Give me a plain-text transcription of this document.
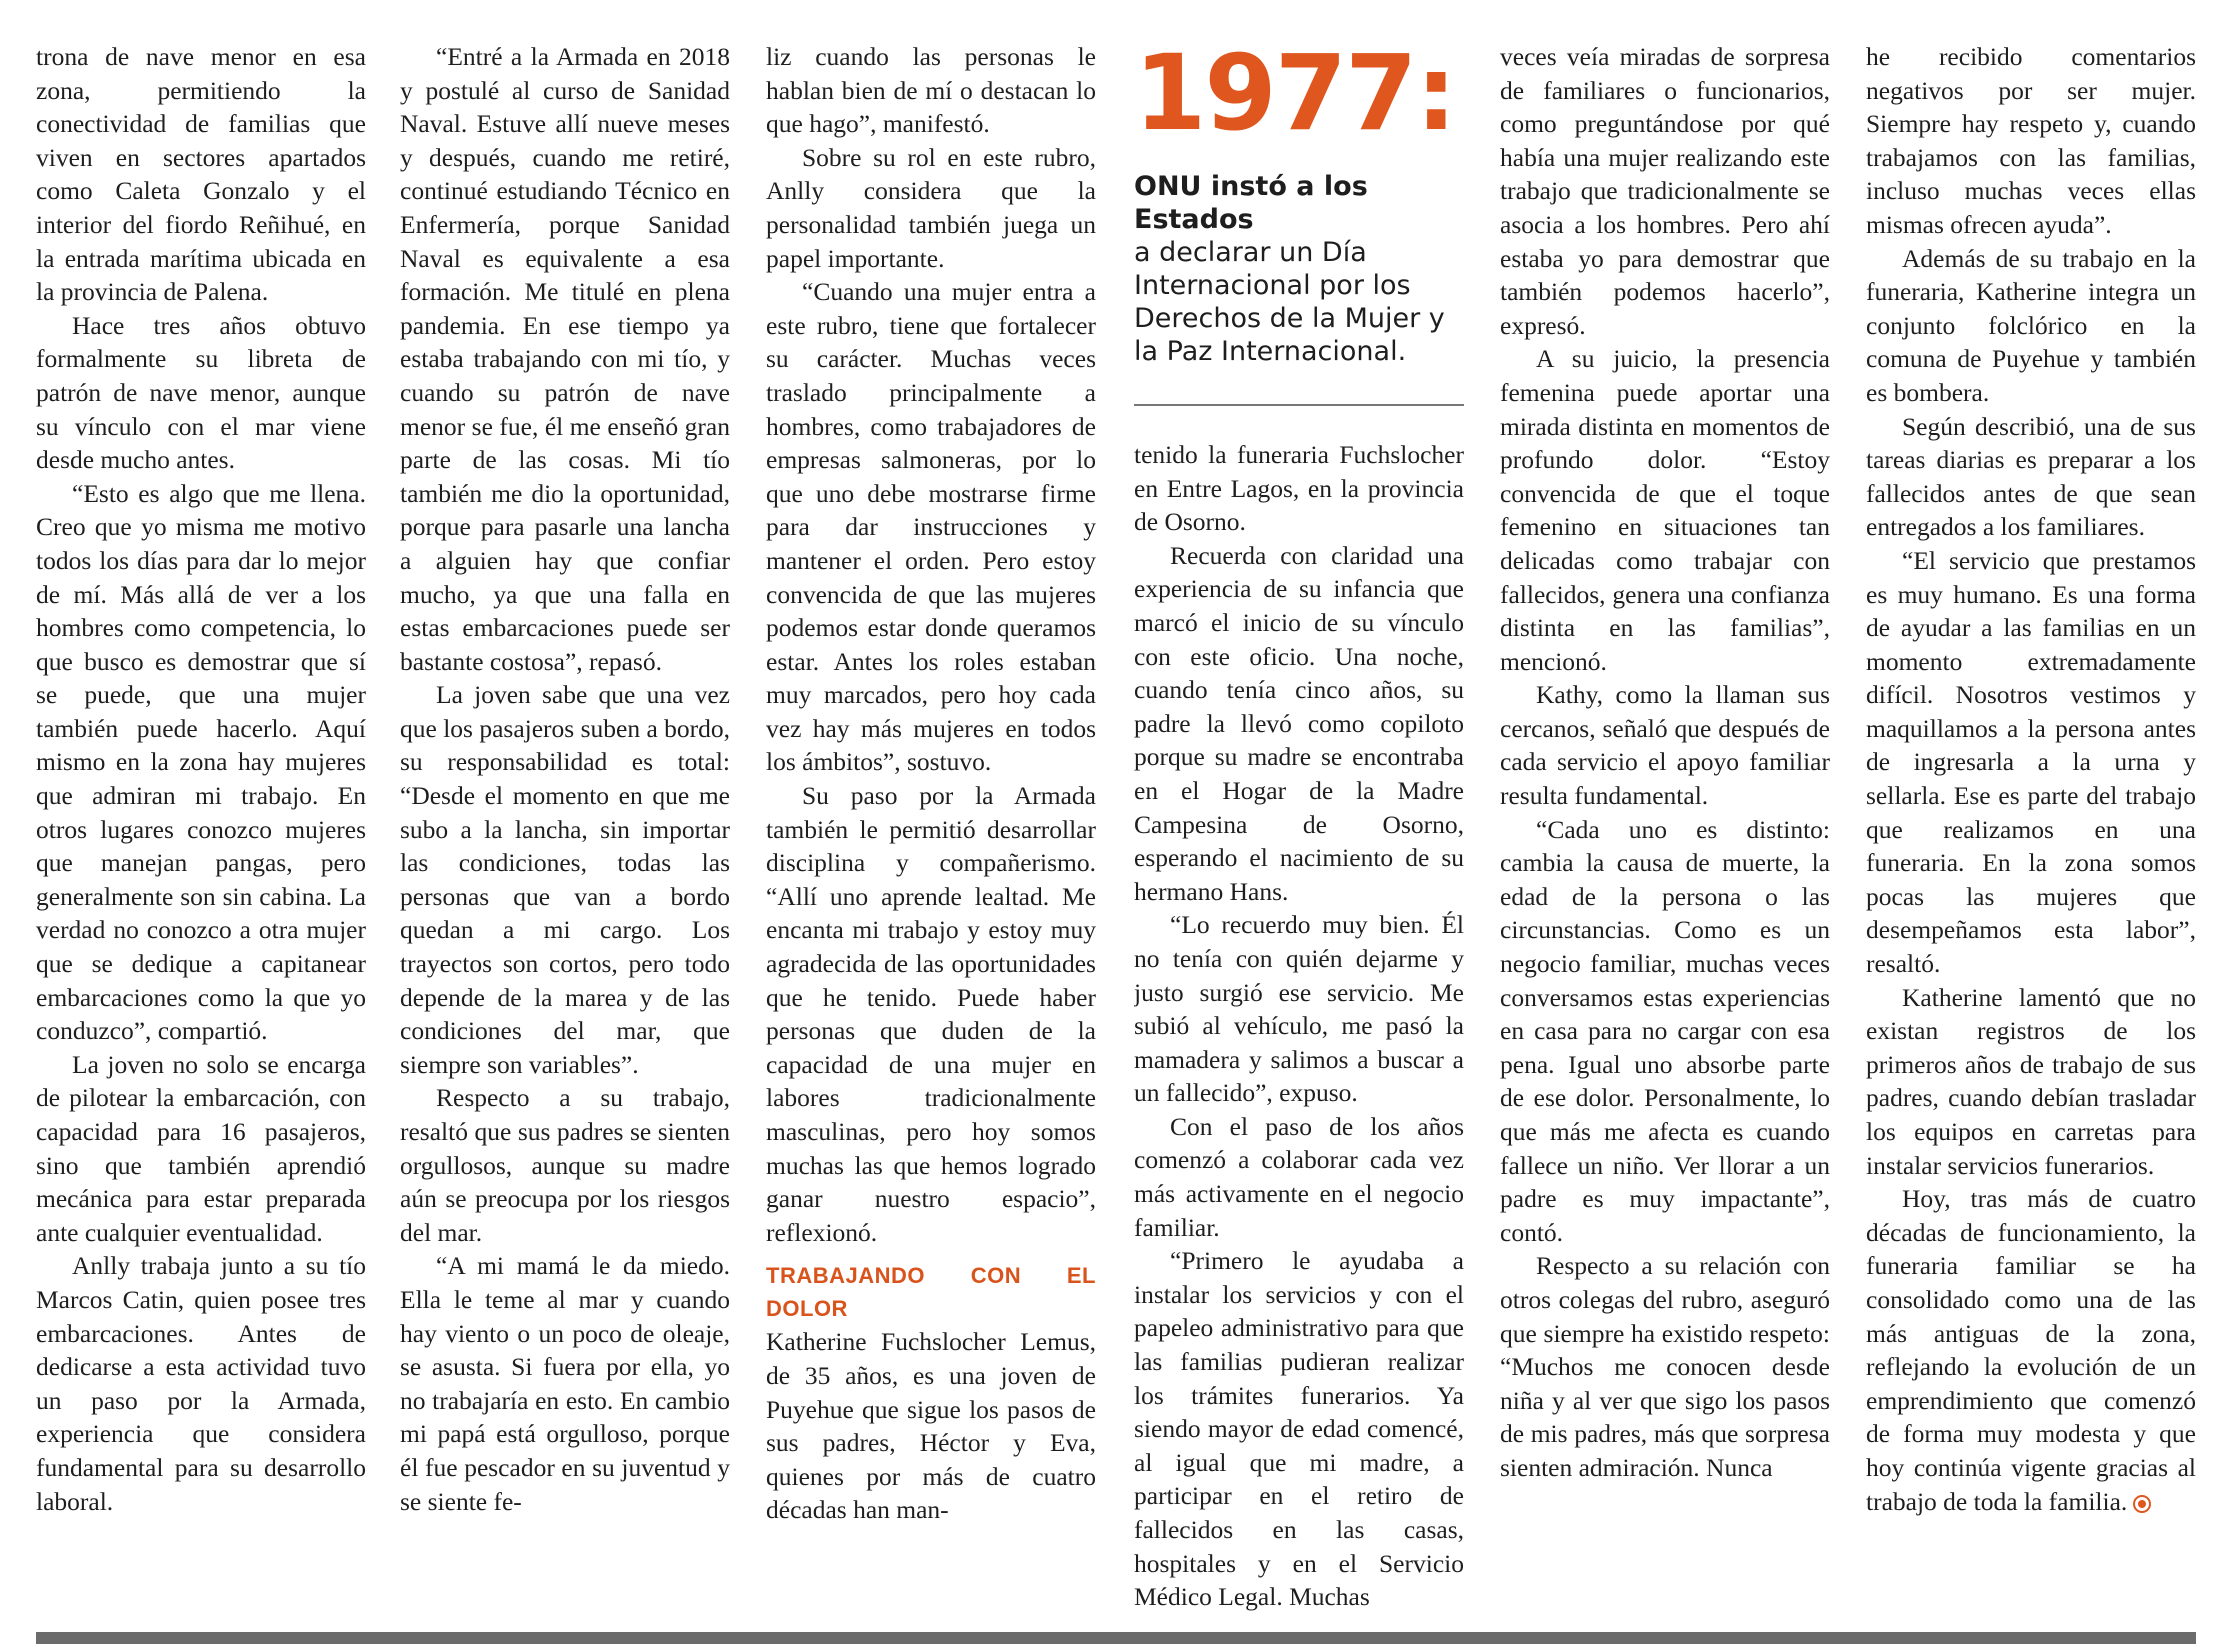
trona de nave menor en esa zona, permitiendo la conectividad de familias que viven en sectores apartados como Caleta Gonzalo y el interior del fiordo Reñihué, en la entrada marítima ubicada en la provincia de Palena.

Hace tres años obtuvo formalmente su libreta de patrón de nave menor, aunque su vínculo con el mar viene desde mucho antes.

“Esto es algo que me llena. Creo que yo misma me motivo todos los días para dar lo mejor de mí. Más allá de ver a los hombres como competencia, lo que busco es demostrar que sí se puede, que una mujer también puede hacerlo. Aquí mismo en la zona hay mujeres que admiran mi trabajo. En otros lugares conozco mujeres que manejan pangas, pero generalmente son sin cabina. La verdad no conozco a otra mujer que se dedique a capitanear embarcaciones como la que yo conduzco”, compartió.

La joven no solo se encarga de pilotear la embarcación, con capacidad para 16 pasajeros, sino que también aprendió mecánica para estar preparada ante cualquier eventualidad.

Anlly trabaja junto a su tío Marcos Catin, quien posee tres embarcaciones. Antes de dedicarse a esta actividad tuvo un paso por la Armada, experiencia que considera fundamental para su desarrollo laboral.

“Entré a la Armada en 2018 y postulé al curso de Sanidad Naval. Estuve allí nueve meses y después, cuando me retiré, continué estudiando Técnico en Enfermería, porque Sanidad Naval es equivalente a esa formación. Me titulé en plena pandemia. En ese tiempo ya estaba trabajando con mi tío, y cuando su patrón de nave menor se fue, él me enseñó gran parte de las cosas. Mi tío también me dio la oportunidad, porque para pasarle una lancha a alguien hay que confiar mucho, ya que una falla en estas embarcaciones puede ser bastante costosa”, repasó.

La joven sabe que una vez que los pasajeros suben a bordo, su responsabilidad es total: “Desde el momento en que me subo a la lancha, sin importar las condiciones, todas las personas que van a bordo quedan a mi cargo. Los trayectos son cortos, pero todo depende de la marea y de las condiciones del mar, que siempre son variables”.

Respecto a su trabajo, resaltó que sus padres se sienten orgullosos, aunque su madre aún se preocupa por los riesgos del mar.

“A mi mamá le da miedo. Ella le teme al mar y cuando hay viento o un poco de oleaje, se asusta. Si fuera por ella, yo no trabajaría en esto. En cambio mi papá está orgulloso, porque él fue pescador en su juventud y se siente fe-

liz cuando las personas le hablan bien de mí o destacan lo que hago”, manifestó.

Sobre su rol en este rubro, Anlly considera que la personalidad también juega un papel importante.

“Cuando una mujer entra a este rubro, tiene que fortalecer su carácter. Muchas veces traslado principalmente a hombres, como trabajadores de empresas salmoneras, por lo que uno debe mostrarse firme para dar instrucciones y mantener el orden. Pero estoy convencida de que las mujeres podemos estar donde queramos estar. Antes los roles estaban muy marcados, pero hoy cada vez hay más mujeres en todos los ámbitos”, sostuvo.

Su paso por la Armada también le permitió desarrollar disciplina y compañerismo. “Allí uno aprende lealtad. Me encanta mi trabajo y estoy muy agradecida de las oportunidades que he tenido. Puede haber personas que duden de la capacidad de una mujer en labores tradicionalmente masculinas, pero hoy somos muchas las que hemos logrado ganar nuestro espacio”, reflexionó.

TRABAJANDO CON EL DOLOR

Katherine Fuchslocher Lemus, de 35 años, es una joven de Puyehue que sigue los pasos de sus padres, Héctor y Eva, quienes por más de cuatro décadas han man-

1977:
ONU instó a los Estados
a declarar un Día Internacional por los Derechos de la Mujer y la Paz Internacional.

tenido la funeraria Fuchslocher en Entre Lagos, en la provincia de Osorno.

Recuerda con claridad una experiencia de su infancia que marcó el inicio de su vínculo con este oficio. Una noche, cuando tenía cinco años, su padre la llevó como copiloto porque su madre se encontraba en el Hogar de la Madre Campesina de Osorno, esperando el nacimiento de su hermano Hans.

“Lo recuerdo muy bien. Él no tenía con quién dejarme y justo surgió ese servicio. Me subió al vehículo, me pasó la mamadera y salimos a buscar a un fallecido”, expuso.

Con el paso de los años comenzó a colaborar cada vez más activamente en el negocio familiar.

“Primero le ayudaba a instalar los servicios y con el papeleo administrativo para que las familias pudieran realizar los trámites funerarios. Ya siendo mayor de edad comencé, al igual que mi madre, a participar en el retiro de fallecidos en las casas, hospitales y en el Servicio Médico Legal. Muchas

veces veía miradas de sorpresa de familiares o funcionarios, como preguntándose por qué había una mujer realizando este trabajo que tradicionalmente se asocia a los hombres. Pero ahí estaba yo para demostrar que también podemos hacerlo”, expresó.

A su juicio, la presencia femenina puede aportar una mirada distinta en momentos de profundo dolor. “Estoy convencida de que el toque femenino en situaciones tan delicadas como trabajar con fallecidos, genera una confianza distinta en las familias”, mencionó.

Kathy, como la llaman sus cercanos, señaló que después de cada servicio el apoyo familiar resulta fundamental.

“Cada uno es distinto: cambia la causa de muerte, la edad de la persona o las circunstancias. Como es un negocio familiar, muchas veces conversamos estas experiencias en casa para no cargar con esa pena. Igual uno absorbe parte de ese dolor. Personalmente, lo que más me afecta es cuando fallece un niño. Ver llorar a un padre es muy impactante”, contó.

Respecto a su relación con otros colegas del rubro, aseguró que siempre ha existido respeto: “Muchos me conocen desde niña y al ver que sigo los pasos de mis padres, más que sorpresa sienten admiración. Nunca

he recibido comentarios negativos por ser mujer. Siempre hay respeto y, cuando trabajamos con las familias, incluso muchas veces ellas mismas ofrecen ayuda”.

Además de su trabajo en la funeraria, Katherine integra un conjunto folclórico en la comuna de Puyehue y también es bombera.

Según describió, una de sus tareas diarias es preparar a los fallecidos antes de que sean entregados a los familiares.

“El servicio que prestamos es muy humano. Es una forma de ayudar a las familias en un momento extremadamente difícil. Nosotros vestimos y maquillamos a la persona antes de ingresarla a la urna y sellarla. Ese es parte del trabajo que realizamos en una funeraria. En la zona somos pocas las mujeres que desempeñamos esta labor”, resaltó.

Katherine lamentó que no existan registros de los primeros años de trabajo de sus padres, cuando debían trasladar los equipos en carretas para instalar servicios funerarios.

Hoy, tras más de cuatro décadas de funcionamiento, la funeraria familiar se ha consolidado como una de las más antiguas de la zona, reflejando la evolución de un emprendimiento que comenzó de forma muy modesta y que hoy continúa vigente gracias al trabajo de toda la familia.
